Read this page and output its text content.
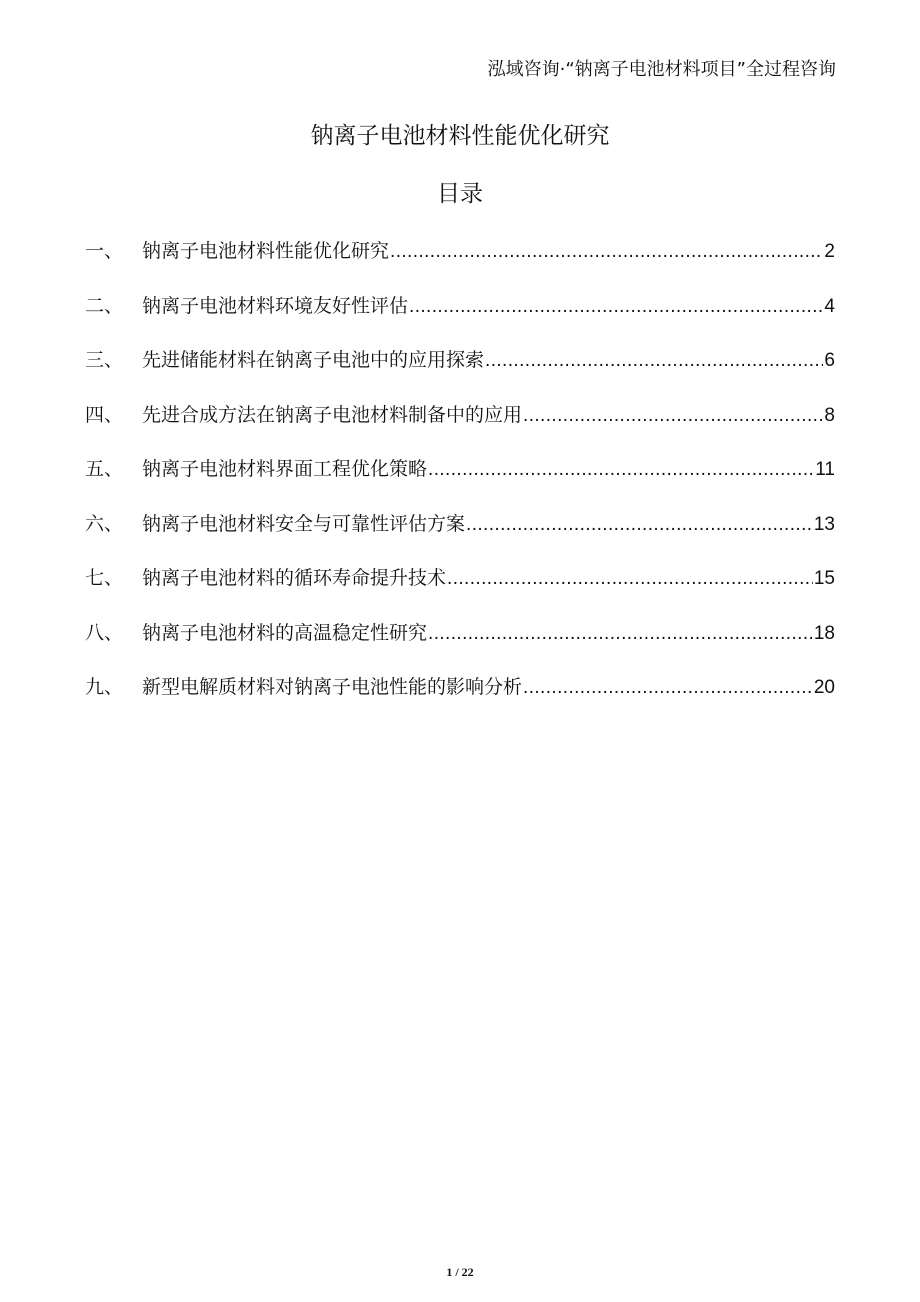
泓域咨询·“钠离子电池材料项目”全过程咨询
钠离子电池材料性能优化研究
目录
一、 钠离子电池材料性能优化研究 .....	2
二、 钠离子电池材料环境友好性评估 .....	4
三、 先进储能材料在钠离子电池中的应用探索 .....	6
四、 先进合成方法在钠离子电池材料制备中的应用 .....	8
五、 钠离子电池材料界面工程优化策略 .....	11
六、 钠离子电池材料安全与可靠性评估方案 .....	13
七、 钠离子电池材料的循环寿命提升技术 .....	15
八、 钠离子电池材料的高温稳定性研究 .....	18
九、 新型电解质材料对钠离子电池性能的影响分析 .....	20
1 / 22
